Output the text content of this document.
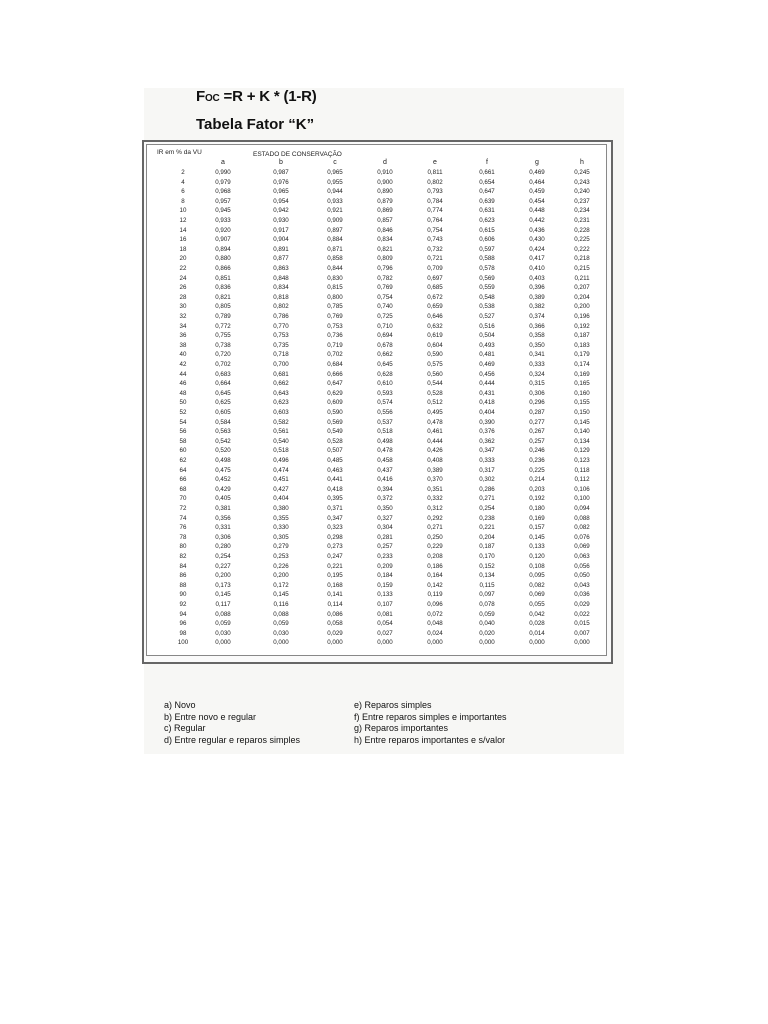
FOC =R + K * (1-R)
Tabela Fator “K”
IR em % da VU	ESTADO DE CONSERVAÇÃO
a	b	c	d	e	f	g	h
2	0,990	0,987	0,965	0,910	0,811	0,661	0,469	0,245
4	0,979	0,976	0,955	0,900	0,802	0,654	0,464	0,243
6	0,968	0,965	0,944	0,890	0,793	0,647	0,459	0,240
8	0,957	0,954	0,933	0,879	0,784	0,639	0,454	0,237
10	0,945	0,942	0,921	0,869	0,774	0,631	0,448	0,234
12	0,933	0,930	0,909	0,857	0,764	0,623	0,442	0,231
14	0,920	0,917	0,897	0,846	0,754	0,615	0,436	0,228
16	0,907	0,904	0,884	0,834	0,743	0,606	0,430	0,225
18	0,894	0,891	0,871	0,821	0,732	0,597	0,424	0,222
20	0,880	0,877	0,858	0,809	0,721	0,588	0,417	0,218
22	0,866	0,863	0,844	0,796	0,709	0,578	0,410	0,215
24	0,851	0,848	0,830	0,782	0,697	0,569	0,403	0,211
26	0,836	0,834	0,815	0,769	0,685	0,559	0,396	0,207
28	0,821	0,818	0,800	0,754	0,672	0,548	0,389	0,204
30	0,805	0,802	0,785	0,740	0,659	0,538	0,382	0,200
32	0,789	0,786	0,769	0,725	0,646	0,527	0,374	0,196
34	0,772	0,770	0,753	0,710	0,632	0,516	0,366	0,192
36	0,755	0,753	0,736	0,694	0,619	0,504	0,358	0,187
38	0,738	0,735	0,719	0,678	0,604	0,493	0,350	0,183
40	0,720	0,718	0,702	0,662	0,590	0,481	0,341	0,179
42	0,702	0,700	0,684	0,645	0,575	0,469	0,333	0,174
44	0,683	0,681	0,666	0,628	0,560	0,456	0,324	0,169
46	0,664	0,662	0,647	0,610	0,544	0,444	0,315	0,165
48	0,645	0,643	0,629	0,593	0,528	0,431	0,306	0,160
50	0,625	0,623	0,609	0,574	0,512	0,418	0,296	0,155
52	0,605	0,603	0,590	0,556	0,495	0,404	0,287	0,150
54	0,584	0,582	0,569	0,537	0,478	0,390	0,277	0,145
56	0,563	0,561	0,549	0,518	0,461	0,376	0,267	0,140
58	0,542	0,540	0,528	0,498	0,444	0,362	0,257	0,134
60	0,520	0,518	0,507	0,478	0,426	0,347	0,246	0,129
62	0,498	0,496	0,485	0,458	0,408	0,333	0,236	0,123
64	0,475	0,474	0,463	0,437	0,389	0,317	0,225	0,118
66	0,452	0,451	0,441	0,416	0,370	0,302	0,214	0,112
68	0,429	0,427	0,418	0,394	0,351	0,286	0,203	0,106
70	0,405	0,404	0,395	0,372	0,332	0,271	0,192	0,100
72	0,381	0,380	0,371	0,350	0,312	0,254	0,180	0,094
74	0,356	0,355	0,347	0,327	0,292	0,238	0,169	0,088
76	0,331	0,330	0,323	0,304	0,271	0,221	0,157	0,082
78	0,306	0,305	0,298	0,281	0,250	0,204	0,145	0,076
80	0,280	0,279	0,273	0,257	0,229	0,187	0,133	0,069
82	0,254	0,253	0,247	0,233	0,208	0,170	0,120	0,063
84	0,227	0,226	0,221	0,209	0,186	0,152	0,108	0,056
86	0,200	0,200	0,195	0,184	0,164	0,134	0,095	0,050
88	0,173	0,172	0,168	0,159	0,142	0,115	0,082	0,043
90	0,145	0,145	0,141	0,133	0,119	0,097	0,069	0,036
92	0,117	0,116	0,114	0,107	0,096	0,078	0,055	0,029
94	0,088	0,088	0,086	0,081	0,072	0,059	0,042	0,022
96	0,059	0,059	0,058	0,054	0,048	0,040	0,028	0,015
98	0,030	0,030	0,029	0,027	0,024	0,020	0,014	0,007
100	0,000	0,000	0,000	0,000	0,000	0,000	0,000	0,000
a) Novo
b) Entre novo e regular
c) Regular
d) Entre regular e reparos simples
e) Reparos simples
f) Entre reparos simples e importantes
g) Reparos importantes
h) Entre reparos importantes e s/valor
